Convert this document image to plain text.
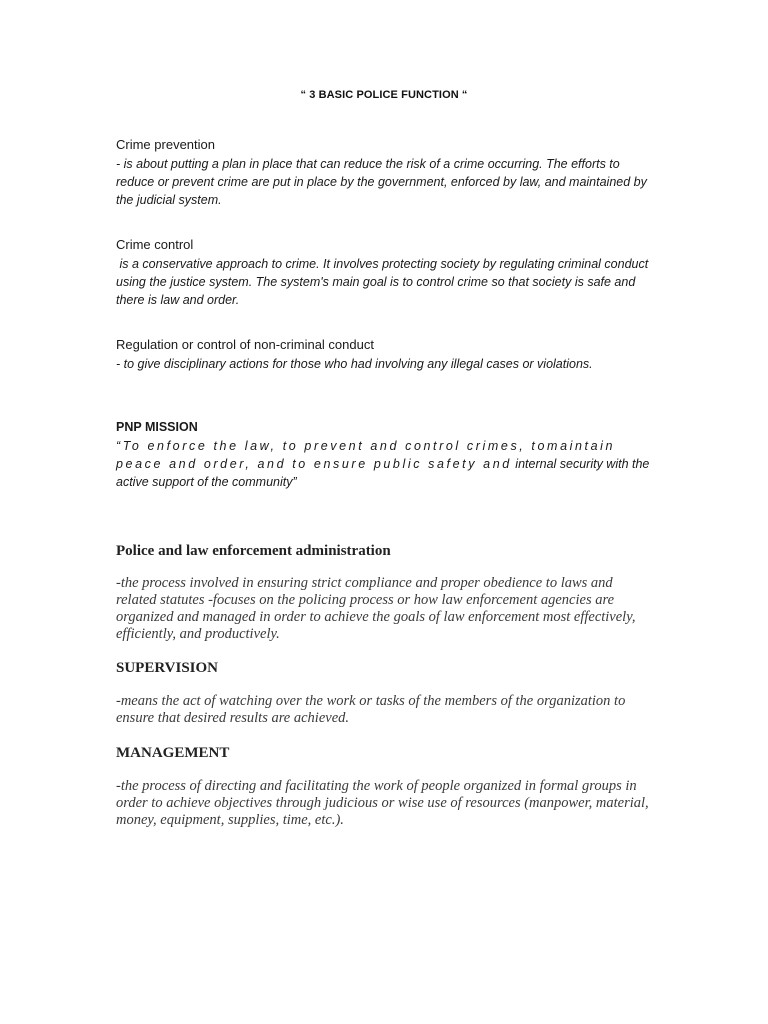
“ 3 BASIC POLICE FUNCTION “
Crime prevention

- is about putting a plan in place that can reduce the risk of a crime occurring. The efforts to reduce or prevent crime are put in place by the government, enforced by law, and maintained by the judicial system.

Crime control

is a conservative approach to crime. It involves protecting society by regulating criminal conduct using the justice system. The system's main goal is to control crime so that society is safe and there is law and order.

Regulation or control of non-criminal conduct

- to give disciplinary actions for those who had involving any illegal cases or violations.

PNP MISSION

“To enforce the law, to prevent and control crimes, tomaintain peace and order, and to ensure public safety and internal security with the active support of the community”

Police and law enforcement administration

-the process involved in ensuring strict compliance and proper obedience to laws and related statutes -focuses on the policing process or how law enforcement agencies are organized and managed in order to achieve the goals of law enforcement most effectively, efficiently, and productively.

SUPERVISION

-means the act of watching over the work or tasks of the members of the organization to ensure that desired results are achieved.

MANAGEMENT

-the process of directing and facilitating the work of people organized in formal groups in order to achieve objectives through judicious or wise use of resources (manpower, material, money, equipment, supplies, time, etc.).
